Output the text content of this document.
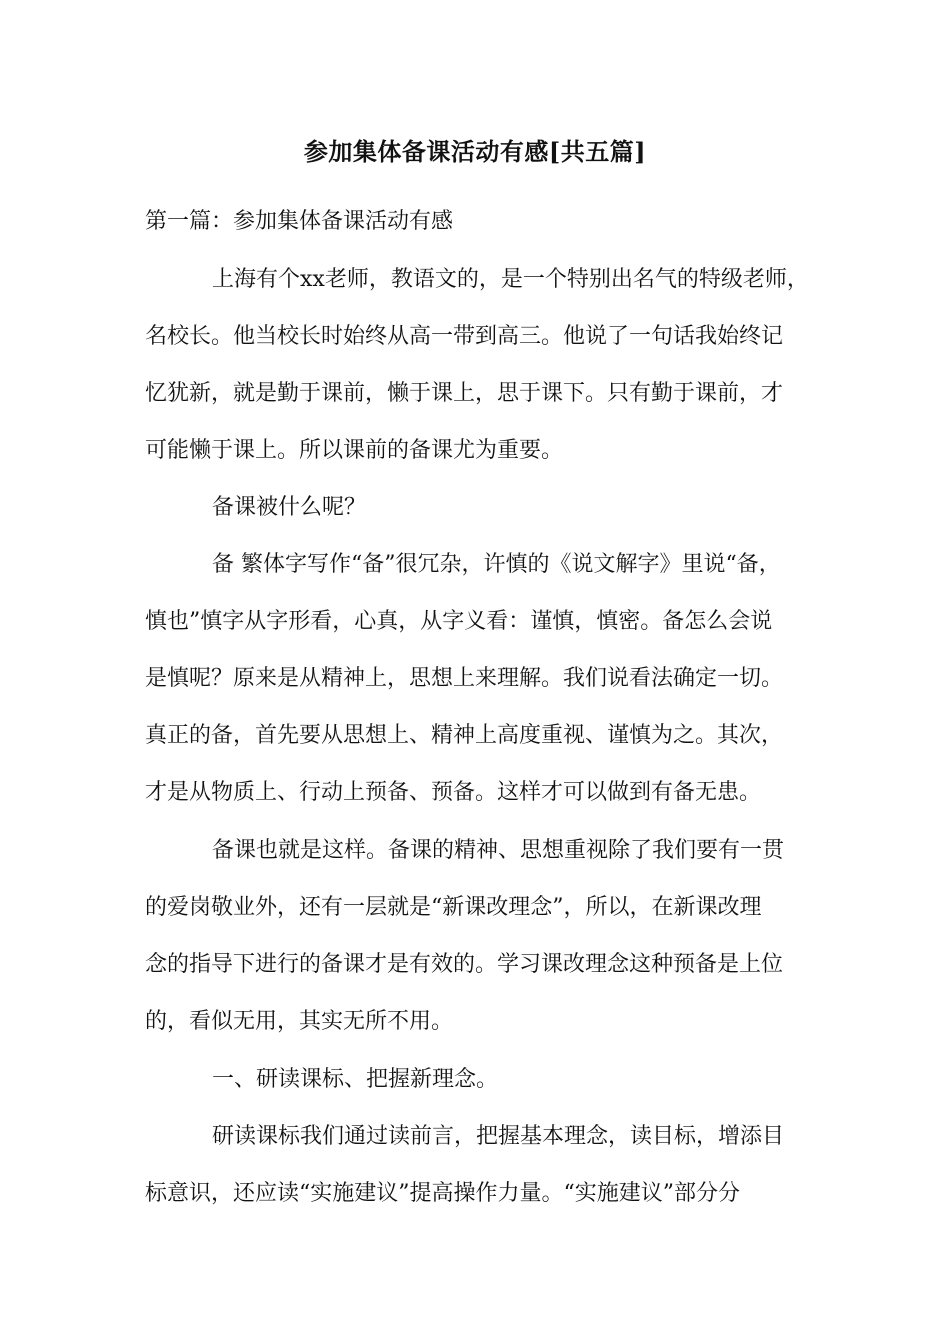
参加集体备课活动有感[共五篇]
第一篇：参加集体备课活动有感
上海有个xx老师，教语文的，是一个特别出名气的特级老师，
名校长。他当校长时始终从高一带到高三。他说了一句话我始终记
忆犹新，就是勤于课前，懒于课上，思于课下。只有勤于课前，才
可能懒于课上。所以课前的备课尤为重要。
备课被什么呢？
备 繁体字写作“备”很冗杂，许慎的《说文解字》里说“备，
慎也”慎字从字形看，心真，从字义看：谨慎，慎密。备怎么会说
是慎呢？原来是从精神上，思想上来理解。我们说看法确定一切。
真正的备，首先要从思想上、精神上高度重视、谨慎为之。其次，
才是从物质上、行动上预备、预备。这样才可以做到有备无患。
备课也就是这样。备课的精神、思想重视除了我们要有一贯
的爱岗敬业外，还有一层就是“新课改理念”，所以，在新课改理
念的指导下进行的备课才是有效的。学习课改理念这种预备是上位
的，看似无用，其实无所不用。
一、研读课标、把握新理念。
研读课标我们通过读前言，把握基本理念，读目标，增添目
标意识，还应读“实施建议”提高操作力量。“实施建议”部分分
